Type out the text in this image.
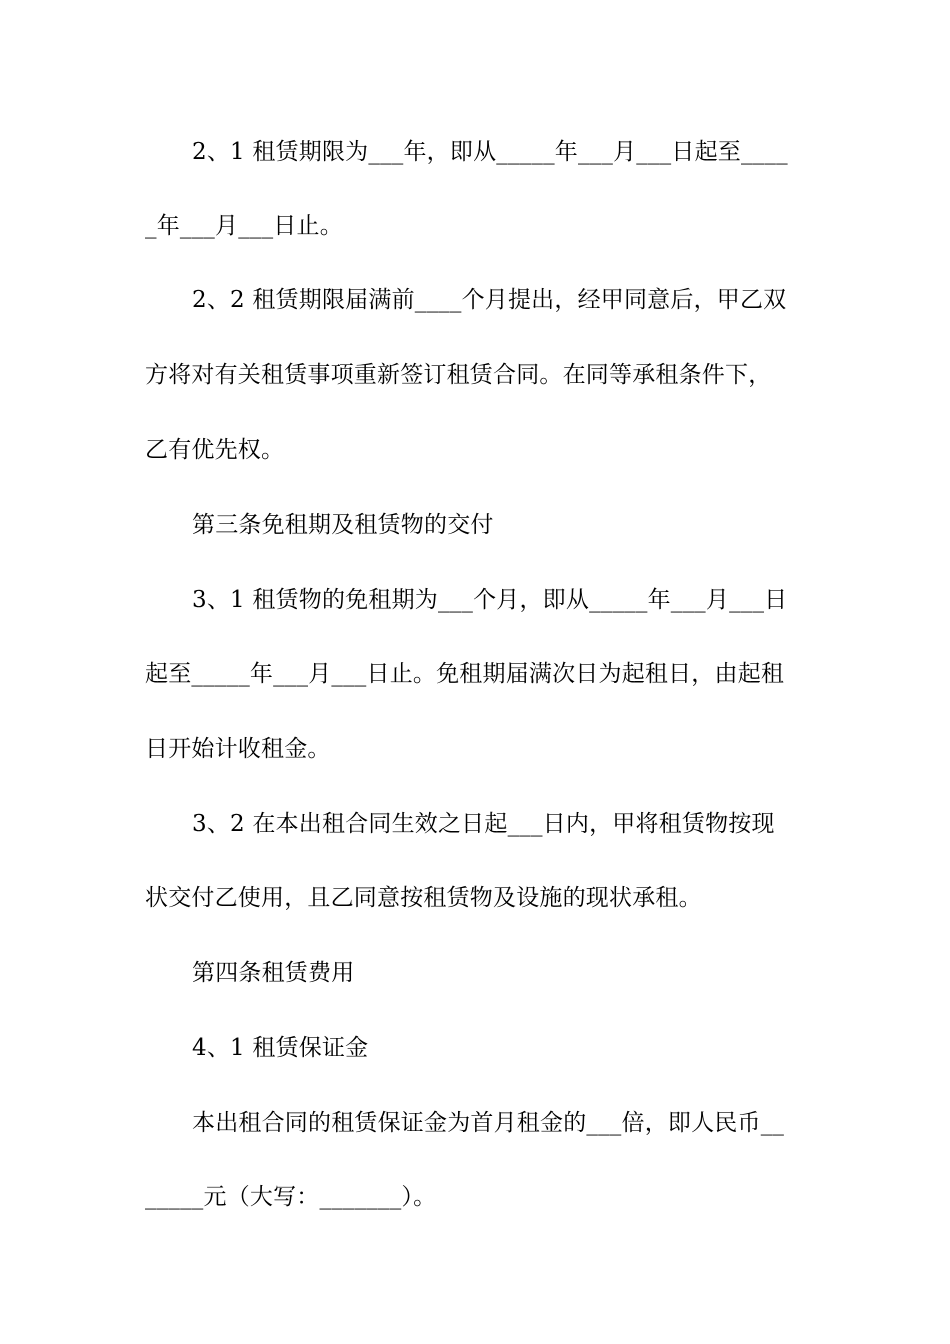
2、1 租赁期限为___年，即从_____年___月___日起至____
_年___月___日止。
2、2 租赁期限届满前____个月提出，经甲同意后，甲乙双
方将对有关租赁事项重新签订租赁合同。在同等承租条件下，
乙有优先权。
第三条免租期及租赁物的交付
3、1 租赁物的免租期为___个月，即从_____年___月___日
起至_____年___月___日止。免租期届满次日为起租日，由起租
日开始计收租金。
3、2 在本出租合同生效之日起___日内，甲将租赁物按现
状交付乙使用，且乙同意按租赁物及设施的现状承租。
第四条租赁费用
4、1 租赁保证金
本出租合同的租赁保证金为首月租金的___倍，即人民币__
_____元（大写：_______）。
